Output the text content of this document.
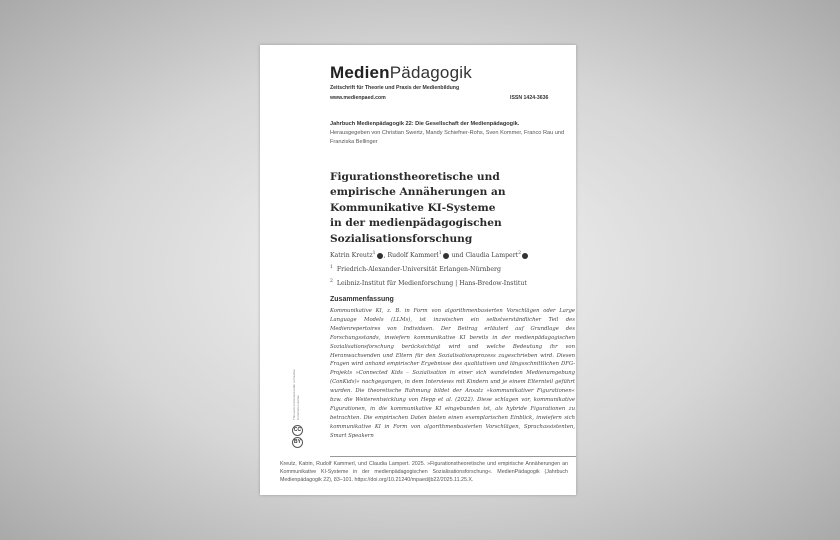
MedienPädagogik
Zeitschrift für Theorie und Praxis der Medienbildung
www.medienpaed.com	ISSN 1424-3636
Jahrbuch Medienpädagogik 22: Die Gesellschaft der Medienpädagogik.
Herausgegeben von Christian Swertz, Mandy Schiefner-Rohs, Sven Kommer, Franco Rau und Franziska Bellinger
Figurationstheoretische und
empirische Annäherungen an
Kommunikative KI-Systeme
in der medienpädagogischen
Sozialisationsforschung
Katrin Kreutz$^1$ , Rudolf Kammerl$^1$ und Claudia Lampert$^2$
$^1$ Friedrich-Alexander-Universität Erlangen-Nürnberg
$^2$ Leibniz-Institut für Medienforschung | Hans-Bredow-Institut
Zusammenfassung
Kommunikative KI, z. B. in Form von algorithmenbasierten Vorschlägen oder Large Language Models (LLMs), ist inzwischen ein selbstverständlicher Teil des Medienrepertoires von Individuen. Der Beitrag erläutert auf Grundlage des Forschungsstands, inwiefern kommunikative KI bereits in der medienpädagogischen Sozialisationsforschung berücksichtigt wird und welche Bedeutung ihr von Heranwachsenden und Eltern für den Sozialisationsprozess zugeschrieben wird. Diesen Fragen wird anhand empirischer Ergebnisse des qualitativen und längsschnittlichen DFG-Projekts »Connected Kids – Sozialisation in einer sich wandelnden Medienumgebung (ConKids)« nachgegangen, in dem Interviews mit Kindern und je einem Elternteil geführt wurden. Die theoretische Rahmung bildet der Ansatz »kommunikativer Figurationen« bzw. die Weiterentwicklung von Hepp et al. (2022). Diese schlagen vor, kommunikative Figurationen, in die kommunikative KI eingebunden ist, als hybride Figurationen zu betrachten. Die empirischen Daten bieten einen exemplarischen Einblick, inwiefern sich kommunikative KI in Form von algorithmenbasierten Vorschlägen, Sprachassistenten, Smart Speakern
This work is licensed under a Creative Commons License
CC
BY
Kreutz, Katrin, Rudolf Kammerl, und Claudia Lampert. 2025. »Figurationstheoretische und empirische Annäherungen an Kommunikative KI-Systeme in der medienpädagogischen Sozialisationsforschung«. MedienPädagogik (Jahrbuch Medienpädagogik 22), 83–101. https://doi.org/10.21240/mpaed/jb22/2025.11.25.X.
